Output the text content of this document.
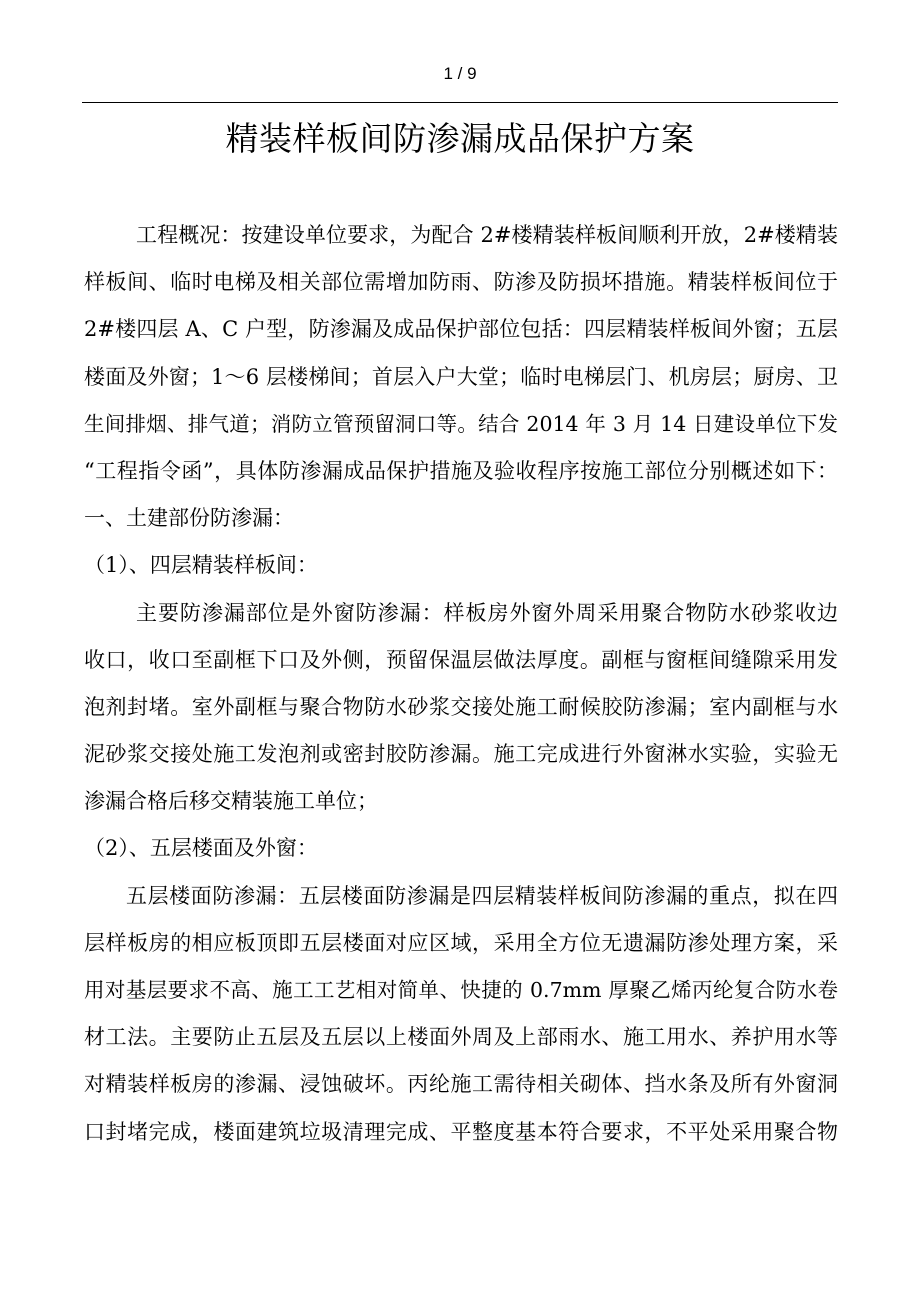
1 / 9
精装样板间防渗漏成品保护方案
工程概况：按建设单位要求，为配合 2#楼精装样板间顺利开放，2#楼精装
样板间、临时电梯及相关部位需增加防雨、防渗及防损坏措施。精装样板间位于
2#楼四层 A、C 户型，防渗漏及成品保护部位包括：四层精装样板间外窗；五层
楼面及外窗；1～6 层楼梯间；首层入户大堂；临时电梯层门、机房层；厨房、卫
生间排烟、排气道；消防立管预留洞口等。结合 2014 年 3 月 14 日建设单位下发
“工程指令函”，具体防渗漏成品保护措施及验收程序按施工部位分别概述如下：
一、土建部份防渗漏：
（1）、四层精装样板间：
主要防渗漏部位是外窗防渗漏：样板房外窗外周采用聚合物防水砂浆收边
收口，收口至副框下口及外侧，预留保温层做法厚度。副框与窗框间缝隙采用发
泡剂封堵。室外副框与聚合物防水砂浆交接处施工耐候胶防渗漏；室内副框与水
泥砂浆交接处施工发泡剂或密封胶防渗漏。施工完成进行外窗淋水实验，实验无
渗漏合格后移交精装施工单位；
（2）、五层楼面及外窗：
五层楼面防渗漏：五层楼面防渗漏是四层精装样板间防渗漏的重点，拟在四
层样板房的相应板顶即五层楼面对应区域，采用全方位无遗漏防渗处理方案，采
用对基层要求不高、施工工艺相对简单、快捷的 0.7mm 厚聚乙烯丙纶复合防水卷
材工法。主要防止五层及五层以上楼面外周及上部雨水、施工用水、养护用水等
对精装样板房的渗漏、浸蚀破坏。丙纶施工需待相关砌体、挡水条及所有外窗洞
口封堵完成，楼面建筑垃圾清理完成、平整度基本符合要求，不平处采用聚合物
